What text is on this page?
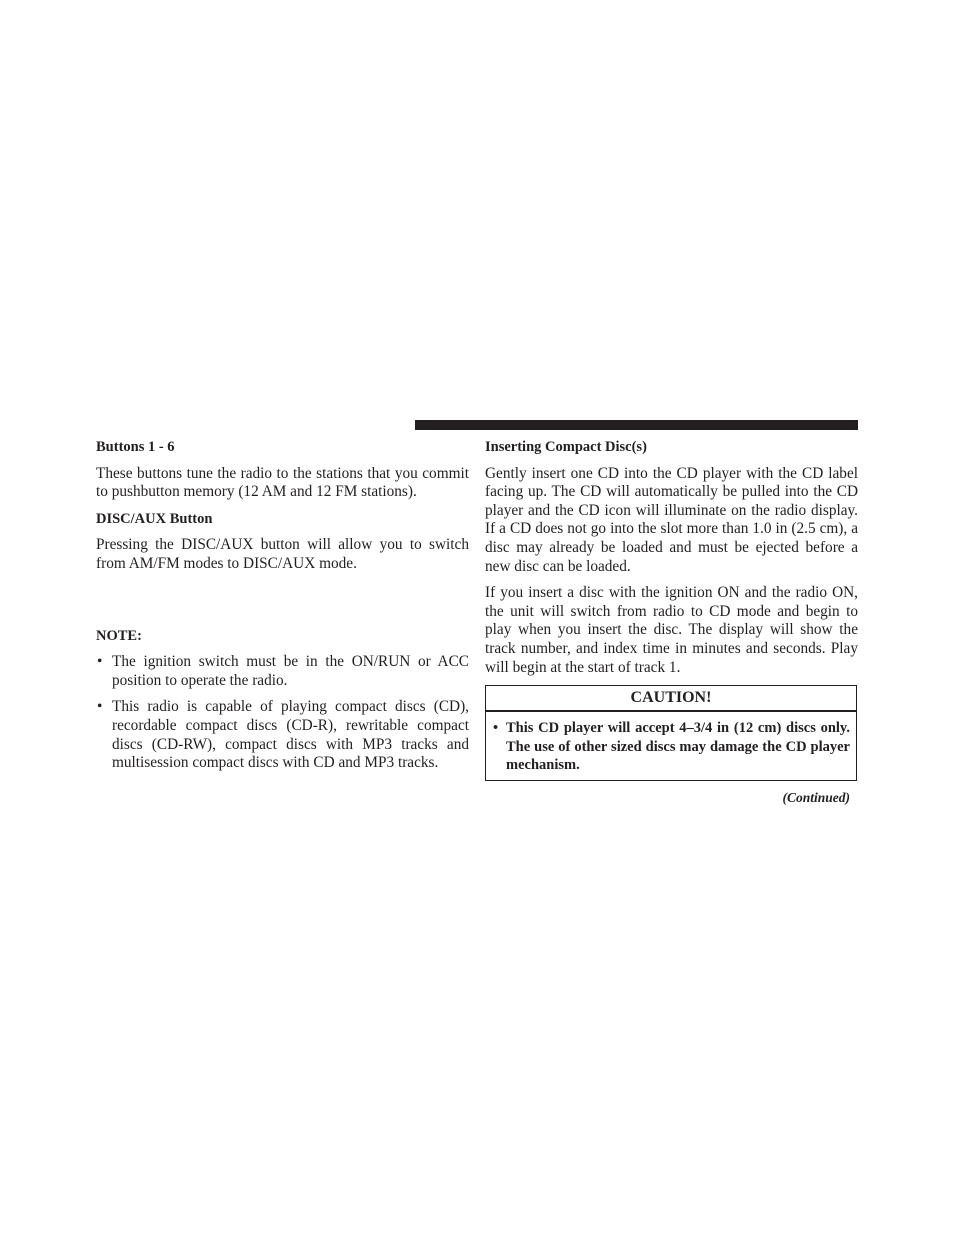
Buttons 1 - 6

These buttons tune the radio to the stations that you commit to pushbutton memory (12 AM and 12 FM stations).

DISC/AUX Button

Pressing the DISC/AUX button will allow you to switch from AM/FM modes to DISC/AUX mode.

NOTE:
• The ignition switch must be in the ON/RUN or ACC position to operate the radio.
• This radio is capable of playing compact discs (CD), recordable compact discs (CD-R), rewritable compact discs (CD-RW), compact discs with MP3 tracks and multisession compact discs with CD and MP3 tracks.
Inserting Compact Disc(s)

Gently insert one CD into the CD player with the CD label facing up. The CD will automatically be pulled into the CD player and the CD icon will illuminate on the radio display. If a CD does not go into the slot more than 1.0 in (2.5 cm), a disc may already be loaded and must be ejected before a new disc can be loaded.

If you insert a disc with the ignition ON and the radio ON, the unit will switch from radio to CD mode and begin to play when you insert the disc. The display will show the track number, and index time in minutes and seconds. Play will begin at the start of track 1.

CAUTION!
• This CD player will accept 4–3/4 in (12 cm) discs only. The use of other sized discs may damage the CD player mechanism.
(Continued)
